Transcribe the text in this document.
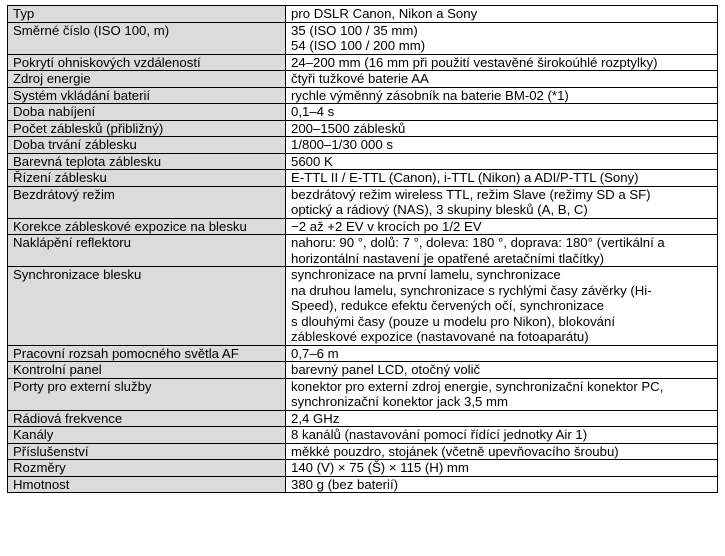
Typ	pro DSLR Canon, Nikon a Sony

Směrné číslo (ISO 100, m)	35 (ISO 100 / 35 mm)
54 (ISO 100 / 200 mm)

Pokrytí ohniskových vzdáleností	24–200 mm (16 mm při použití vestavěné širokoúhlé rozptylky)

Zdroj energie	čtyři tužkové baterie AA

Systém vkládání baterií	rychle výměnný zásobník na baterie BM-02 (*1)

Doba nabíjení	0,1–4 s

Počet záblesků (přibližný)	200–1500 záblesků

Doba trvání záblesku	1/800–1/30 000 s

Barevná teplota záblesku	5600 K

Řízení záblesku	E-TTL II / E-TTL (Canon), i-TTL (Nikon) a ADI/P-TTL (Sony)

Bezdrátový režim	bezdrátový režim wireless TTL, režim Slave (režimy SD a SF)
optický a rádiový (NAS), 3 skupiny blesků (A, B, C)

Korekce zábleskové expozice na blesku	−2 až +2 EV v krocích po 1/2 EV

Naklápění reflektoru	nahoru: 90 °, dolů: 7 °, doleva: 180 °, doprava: 180° (vertikální a
horizontální nastavení je opatřené aretačními tlačítky)

Synchronizace blesku	synchronizace na první lamelu, synchronizace
na druhou lamelu, synchronizace s rychlými časy závěrky (Hi-
Speed), redukce efektu červených očí, synchronizace
s dlouhými časy (pouze u modelu pro Nikon), blokování
zábleskové expozice (nastavované na fotoaparátu)

Pracovní rozsah pomocného světla AF	0,7–6 m

Kontrolní panel	barevný panel LCD, otočný volič

Porty pro externí služby	konektor pro externí zdroj energie, synchronizační konektor PC,
synchronizační konektor jack 3,5 mm

Rádiová frekvence	2,4 GHz

Kanály	8 kanálů (nastavování pomocí řídící jednotky Air 1)

Příslušenství	měkké pouzdro, stojánek (včetně upevňovacího šroubu)

Rozměry	140 (V) × 75 (Š) × 115 (H) mm

Hmotnost	380 g (bez baterií)
